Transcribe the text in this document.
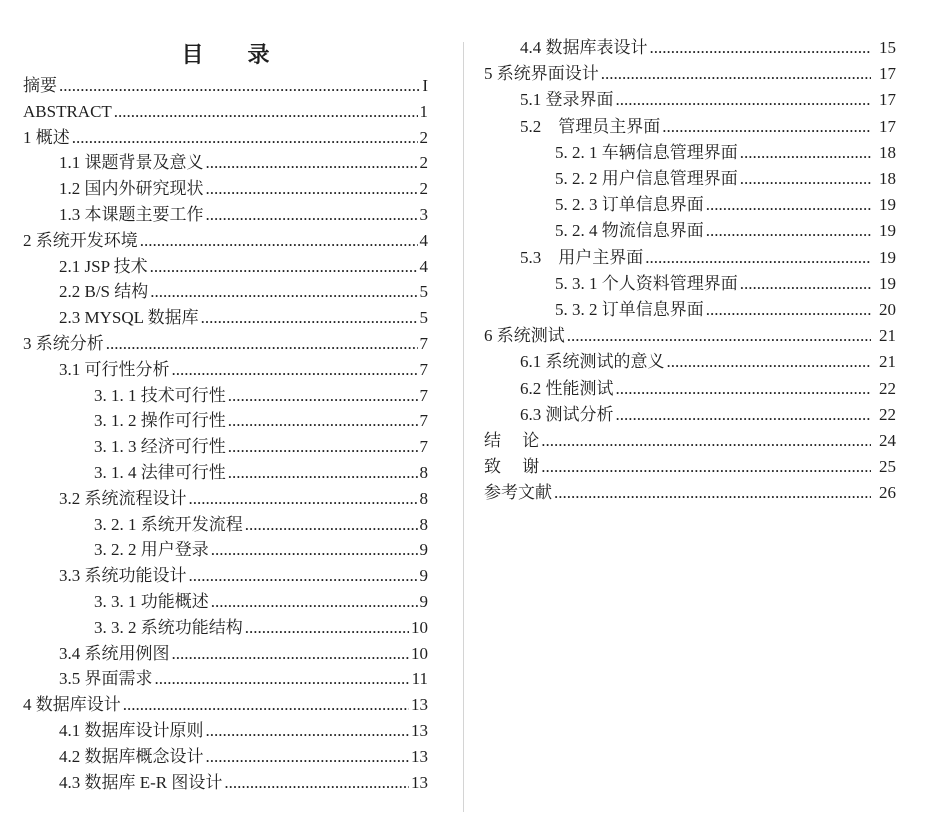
目　　录
摘要 .....	I
ABSTRACT .....	1
1 概述 .....	2
1.1 课题背景及意义 .....	2
1.2 国内外研究现状 .....	2
1.3 本课题主要工作 .....	3
2 系统开发环境 .....	4
2.1 JSP 技术 .....	4
2.2 B/S 结构 .....	5
2.3 MYSQL 数据库 .....	5
3 系统分析 .....	7
3.1 可行性分析 .....	7
3. 1. 1 技术可行性 .....	7
3. 1. 2 操作可行性 .....	7
3. 1. 3 经济可行性 .....	7
3. 1. 4 法律可行性 .....	8
3.2 系统流程设计 .....	8
3. 2. 1 系统开发流程 .....	8
3. 2. 2 用户登录 .....	9
3.3 系统功能设计 .....	9
3. 3. 1 功能概述 .....	9
3. 3. 2 系统功能结构 .....	10
3.4 系统用例图 .....	10
3.5 界面需求 .....	11
4 数据库设计 .....	13
4.1 数据库设计原则 .....	13
4.2 数据库概念设计 .....	13
4.3 数据库 E-R 图设计 .....	13
4.4 数据库表设计 .....	15
5 系统界面设计 .....	17
5.1 登录界面 .....	17
5.2　管理员主界面 .....	17
5. 2. 1 车辆信息管理界面 .....	18
5. 2. 2 用户信息管理界面 .....	18
5. 2. 3 订单信息界面 .....	19
5. 2. 4 物流信息界面 .....	19
5.3　用户主界面 .....	19
5. 3. 1 个人资料管理界面 .....	19
5. 3. 2 订单信息界面 .....	20
6 系统测试 .....	21
6.1 系统测试的意义 .....	21
6.2 性能测试 .....	22
6.3 测试分析 .....	22
结　 论 .....	24
致　 谢 .....	25
参考文献 .....	26
